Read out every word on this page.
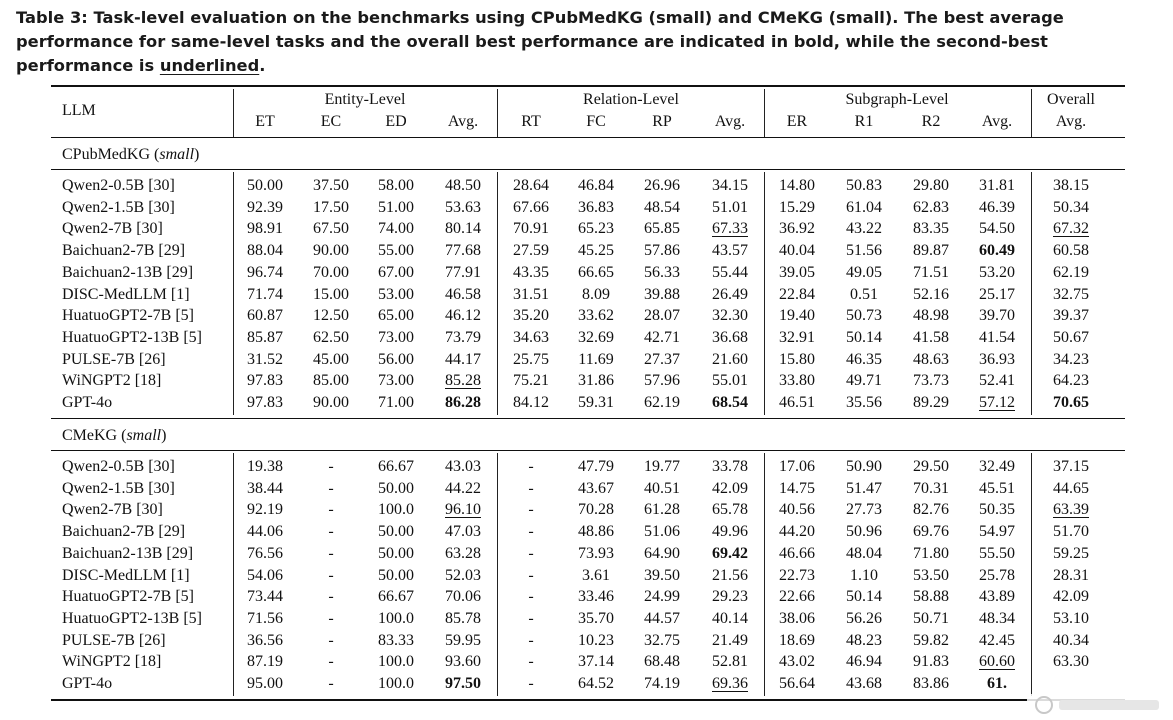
Table 3: Task-level evaluation on the benchmarks using CPubMedKG (small) and CMeKG (small). The best average performance for same-level tasks and the overall best performance are indicated in bold, while the second-best performance is underlined.
LLM
Entity-Level	Relation-Level	Subgraph-Level	Overall
ET	EC	ED	Avg.	RT	FC	RP	Avg.	ER	R1	R2	Avg.	Avg.
CPubMedKG (small)
Qwen2-0.5B [30]	50.00	37.50	58.00	48.50	28.64	46.84	26.96	34.15	14.80	50.83	29.80	31.81	38.15
Qwen2-1.5B [30]	92.39	17.50	51.00	53.63	67.66	36.83	48.54	51.01	15.29	61.04	62.83	46.39	50.34
Qwen2-7B [30]	98.91	67.50	74.00	80.14	70.91	65.23	65.85	67.33	36.92	43.22	83.35	54.50	67.32
Baichuan2-7B [29]	88.04	90.00	55.00	77.68	27.59	45.25	57.86	43.57	40.04	51.56	89.87	60.49	60.58
Baichuan2-13B [29]	96.74	70.00	67.00	77.91	43.35	66.65	56.33	55.44	39.05	49.05	71.51	53.20	62.19
DISC-MedLLM [1]	71.74	15.00	53.00	46.58	31.51	8.09	39.88	26.49	22.84	0.51	52.16	25.17	32.75
HuatuoGPT2-7B [5]	60.87	12.50	65.00	46.12	35.20	33.62	28.07	32.30	19.40	50.73	48.98	39.70	39.37
HuatuoGPT2-13B [5]	85.87	62.50	73.00	73.79	34.63	32.69	42.71	36.68	32.91	50.14	41.58	41.54	50.67
PULSE-7B [26]	31.52	45.00	56.00	44.17	25.75	11.69	27.37	21.60	15.80	46.35	48.63	36.93	34.23
WiNGPT2 [18]	97.83	85.00	73.00	85.28	75.21	31.86	57.96	55.01	33.80	49.71	73.73	52.41	64.23
GPT-4o	97.83	90.00	71.00	86.28	84.12	59.31	62.19	68.54	46.51	35.56	89.29	57.12	70.65
CMeKG (small)
Qwen2-0.5B [30]	19.38	-	66.67	43.03	-	47.79	19.77	33.78	17.06	50.90	29.50	32.49	37.15
Qwen2-1.5B [30]	38.44	-	50.00	44.22	-	43.67	40.51	42.09	14.75	51.47	70.31	45.51	44.65
Qwen2-7B [30]	92.19	-	100.0	96.10	-	70.28	61.28	65.78	40.56	27.73	82.76	50.35	63.39
Baichuan2-7B [29]	44.06	-	50.00	47.03	-	48.86	51.06	49.96	44.20	50.96	69.76	54.97	51.70
Baichuan2-13B [29]	76.56	-	50.00	63.28	-	73.93	64.90	69.42	46.66	48.04	71.80	55.50	59.25
DISC-MedLLM [1]	54.06	-	50.00	52.03	-	3.61	39.50	21.56	22.73	1.10	53.50	25.78	28.31
HuatuoGPT2-7B [5]	73.44	-	66.67	70.06	-	33.46	24.99	29.23	22.66	50.14	58.88	43.89	42.09
HuatuoGPT2-13B [5]	71.56	-	100.0	85.78	-	35.70	44.57	40.14	38.06	56.26	50.71	48.34	53.10
PULSE-7B [26]	36.56	-	83.33	59.95	-	10.23	32.75	21.49	18.69	48.23	59.82	42.45	40.34
WiNGPT2 [18]	87.19	-	100.0	93.60	-	37.14	68.48	52.81	43.02	46.94	91.83	60.60	63.30
GPT-4o	95.00	-	100.0	97.50	-	64.52	74.19	69.36	56.64	43.68	83.86	61.
